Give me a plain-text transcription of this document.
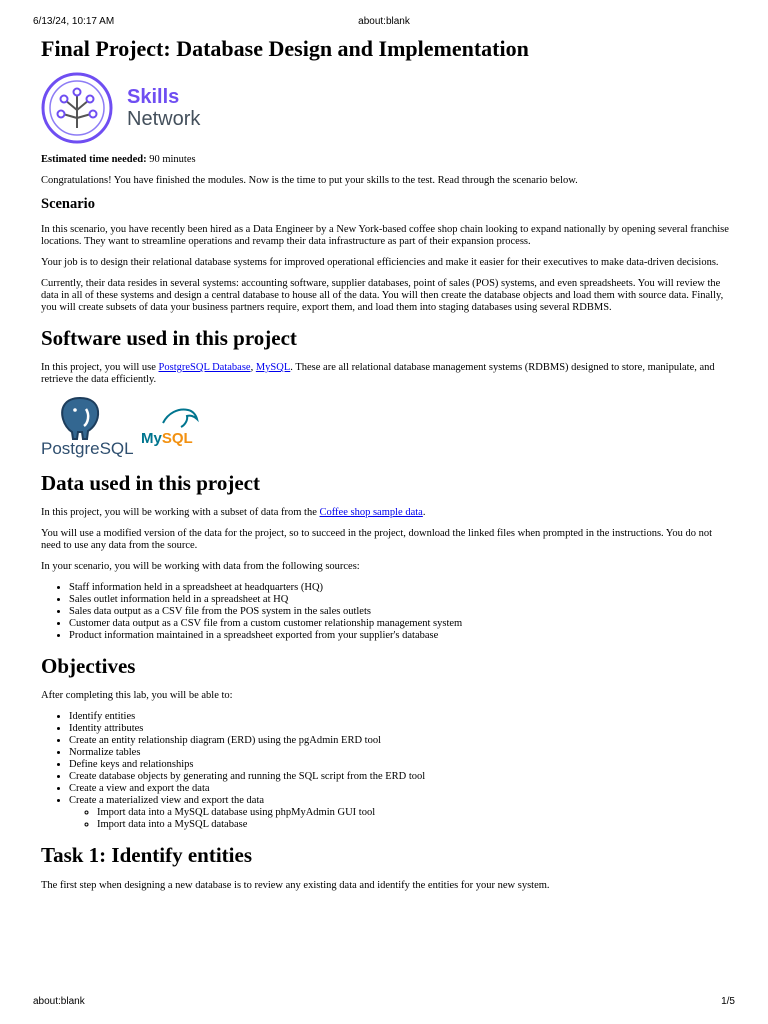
6/13/24, 10:17 AM	about:blank
Final Project: Database Design and Implementation
Skills
Network

Estimated time needed: 90 minutes

Congratulations! You have finished the modules. Now is the time to put your skills to the test. Read through the scenario below.

Scenario

In this scenario, you have recently been hired as a Data Engineer by a New York-based coffee shop chain looking to expand nationally by opening several franchise locations. They want to streamline operations and revamp their data infrastructure as part of their expansion process.

Your job is to design their relational database systems for improved operational efficiencies and make it easier for their executives to make data-driven decisions.

Currently, their data resides in several systems: accounting software, supplier databases, point of sales (POS) systems, and even spreadsheets. You will review the data in all of these systems and design a central database to house all of the data. You will then create the database objects and load them with source data. Finally, you will create subsets of data your business partners require, export them, and load them into staging databases using several RDBMS.

Software used in this project

In this project, you will use PostgreSQL Database, MySQL. These are all relational database management systems (RDBMS) designed to store, manipulate, and retrieve the data efficiently.

PostgreSQL
MySQL
Data used in this project

In this project, you will be working with a subset of data from the Coffee shop sample data.

You will use a modified version of the data for the project, so to succeed in the project, download the linked files when prompted in the instructions. You do not need to use any data from the source.

In your scenario, you will be working with data from the following sources:

• Staff information held in a spreadsheet at headquarters (HQ)
• Sales outlet information held in a spreadsheet at HQ
• Sales data output as a CSV file from the POS system in the sales outlets
• Customer data output as a CSV file from a custom customer relationship management system
• Product information maintained in a spreadsheet exported from your supplier's database
Objectives

After completing this lab, you will be able to:

• Identify entities
• Identity attributes
• Create an entity relationship diagram (ERD) using the pgAdmin ERD tool
• Normalize tables
• Define keys and relationships
• Create database objects by generating and running the SQL script from the ERD tool
• Create a view and export the data
• Create a materialized view and export the data
◦ Import data into a MySQL database using phpMyAdmin GUI tool
◦ Import data into a MySQL database
Task 1: Identify entities

The first step when designing a new database is to review any existing data and identify the entities for your new system.

about:blank	1/5
